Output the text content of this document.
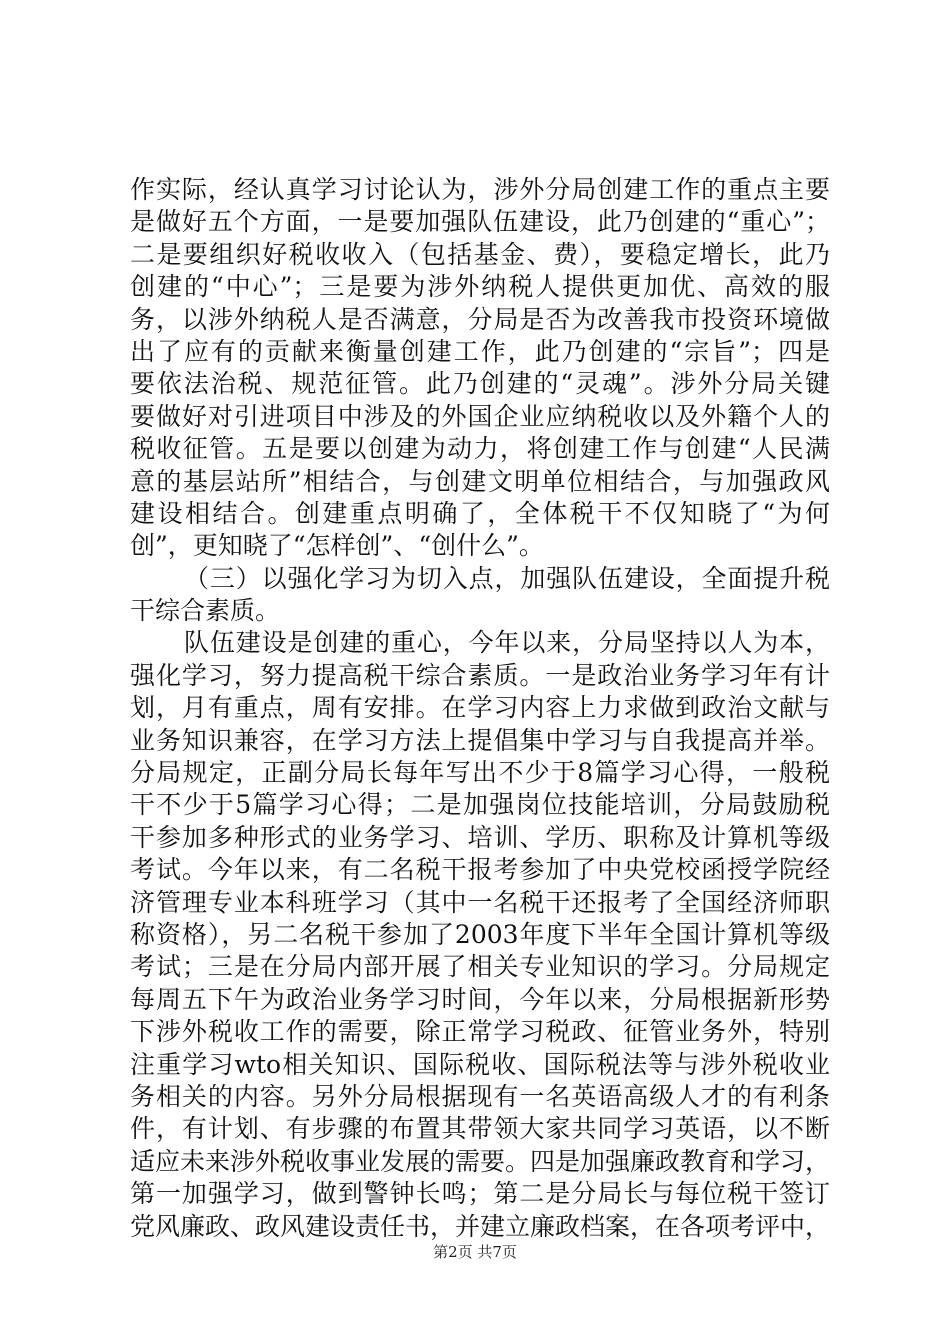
作实际，经认真学习讨论认为，涉外分局创建工作的重点主要
是做好五个方面，一是要加强队伍建设，此乃创建的“重心”；
二是要组织好税收收入（包括基金、费），要稳定增长，此乃
创建的“中心”；三是要为涉外纳税人提供更加优、高效的服
务，以涉外纳税人是否满意，分局是否为改善我市投资环境做
出了应有的贡献来衡量创建工作，此乃创建的“宗旨”；四是
要依法治税、规范征管。此乃创建的“灵魂”。涉外分局关键
要做好对引进项目中涉及的外国企业应纳税收以及外籍个人的
税收征管。五是要以创建为动力，将创建工作与创建“人民满
意的基层站所”相结合，与创建文明单位相结合，与加强政风
建设相结合。创建重点明确了，全体税干不仅知晓了“为何
创”，更知晓了“怎样创”、“创什么”。
（三）以强化学习为切入点，加强队伍建设，全面提升税
干综合素质。
队伍建设是创建的重心，今年以来，分局坚持以人为本，
强化学习，努力提高税干综合素质。一是政治业务学习年有计
划，月有重点，周有安排。在学习内容上力求做到政治文献与
业务知识兼容，在学习方法上提倡集中学习与自我提高并举。
分局规定，正副分局长每年写出不少于8篇学习心得，一般税
干不少于5篇学习心得；二是加强岗位技能培训，分局鼓励税
干参加多种形式的业务学习、培训、学历、职称及计算机等级
考试。今年以来，有二名税干报考参加了中央党校函授学院经
济管理专业本科班学习（其中一名税干还报考了全国经济师职
称资格），另二名税干参加了2003年度下半年全国计算机等级
考试；三是在分局内部开展了相关专业知识的学习。分局规定
每周五下午为政治业务学习时间，今年以来，分局根据新形势
下涉外税收工作的需要，除正常学习税政、征管业务外，特别
注重学习wto相关知识、国际税收、国际税法等与涉外税收业
务相关的内容。另外分局根据现有一名英语高级人才的有利条
件，有计划、有步骤的布置其带领大家共同学习英语，以不断
适应未来涉外税收事业发展的需要。四是加强廉政教育和学习，
第一加强学习，做到警钟长鸣；第二是分局长与每位税干签订
党风廉政、政风建设责任书，并建立廉政档案，在各项考评中，
第2页 共7页
